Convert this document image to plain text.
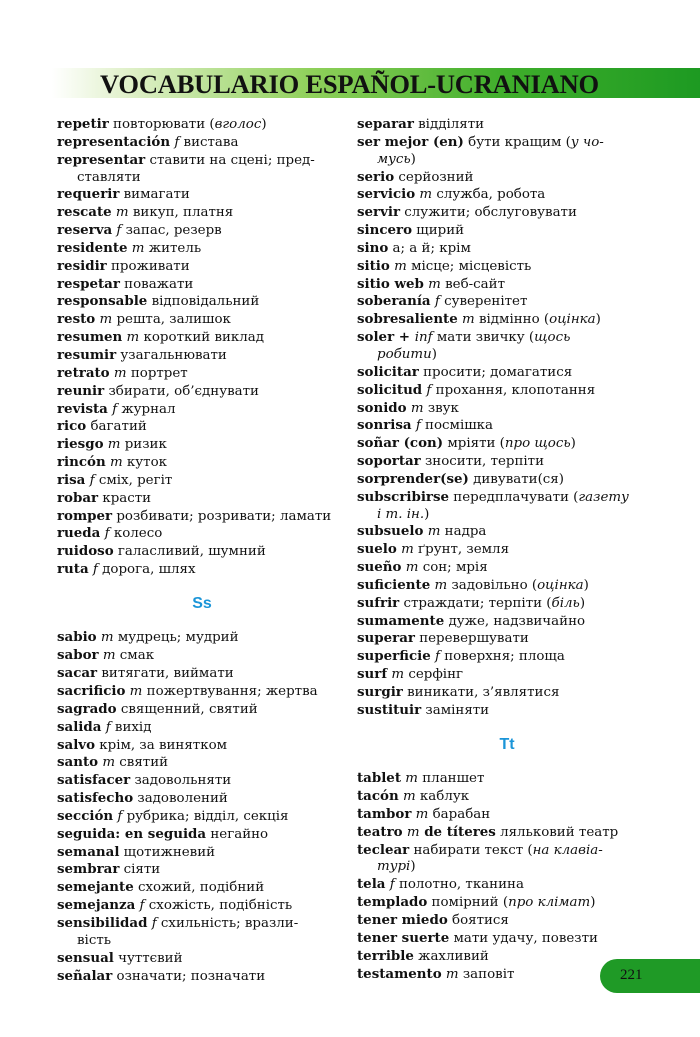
VOCABULARIO ESPAÑOL-UCRANIANO
repetir повторювати (вголос)
representación f вистава
representar ставити на сцені; пред-
ставляти
requerir вимагати
rescate m викуп, платня
reserva f запас, резерв
residente m житель
residir проживати
respetar поважати
responsable відповідальний
resto m решта, залишок
resumen m короткий виклад
resumir узагальнювати
retrato m портрет
reunir збирати, об’єднувати
revista f журнал
rico багатий
riesgo m ризик
rincón m куток
risa f сміх, регіт
robar красти
romper розбивати; розривати; ламати
rueda f колесо
ruidoso галасливий, шумний
ruta f дорога, шлях
Ss
sabio m мудрець; мудрий
sabor m смак
sacar витягати, виймати
sacrificio m пожертвування; жертва
sagrado священний, святий
salida f вихід
salvo крім, за винятком
santo m святий
satisfacer задовольняти
satisfecho задоволений
sección f рубрика; відділ, секція
seguida: en seguida негайно
semanal щотижневий
sembrar сіяти
semejante схожий, подібний
semejanza f схожість, подібність
sensibilidad f схильність; вразли-
вість
sensual чуттєвий
señalar означати; позначати
separar відділяти
ser mejor (en) бути кращим (у чо-
мусь)
serio серйозний
servicio m служба, робота
servir служити; обслуговувати
sincero щирий
sino а; а й; крім
sitio m місце; місцевість
sitio web m веб-сайт
soberanía f суверенітет
sobresaliente m відмінно (оцінка)
soler + inf мати звичку (щось
робити)
solicitar просити; домагатися
solicitud f прохання, клопотання
sonido m звук
sonrisa f посмішка
soñar (con) мріяти (про щось)
soportar зносити, терпіти
sorprender(se) дивувати(ся)
subscribirse передплачувати (газету
і т. ін.)
subsuelo m надра
suelo m ґрунт, земля
sueño m сон; мрія
suficiente m задовільно (оцінка)
sufrir страждати; терпіти (біль)
sumamente дуже, надзвичайно
superar перевершувати
superficie f поверхня; площа
surf m серфінг
surgir виникати, з’являтися
sustituir заміняти
Tt
tablet m планшет
tacón m каблук
tambor m барабан
teatro m de títeres ляльковий театр
teclear набирати текст (на клавіа-
турі)
tela f полотно, тканина
templado помірний (про клімат)
tener miedo боятися
tener suerte мати удачу, повезти
terrible жахливий
testamento m заповіт	221
